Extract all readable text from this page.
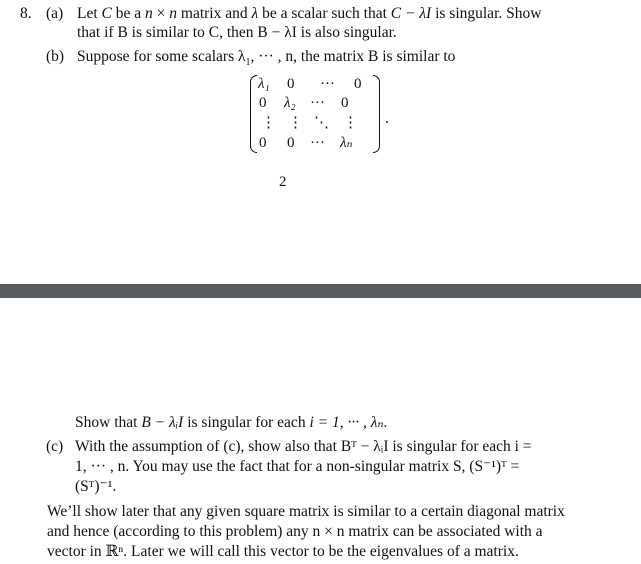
8. (a) Let C be a n × n matrix and λ be a scalar such that C − λI is singular. Show
that if B is similar to C, then B − λI is also singular.
(b) Suppose for some scalars $\lambda_1$, ··· , n, the matrix B is similar to
λ₁ 0 ··· 0
0 λ₂ ··· 0
⋮ ⋮ ⋱ ⋮
0 0 ··· λₙ
.
2
Show that B − λᵢI is singular for each i = 1, ··· , λₙ.
(c) With the assumption of (c), show also that Bᵀ − λᵢI is singular for each i =
1, ··· , n. You may use the fact that for a non-singular matrix S, (S⁻¹)ᵀ =
(Sᵀ)⁻¹.
We’ll show later that any given square matrix is similar to a certain diagonal matrix
and hence (according to this problem) any n × n matrix can be associated with a
vector in ℝⁿ. Later we will call this vector to be the eigenvalues of a matrix.
